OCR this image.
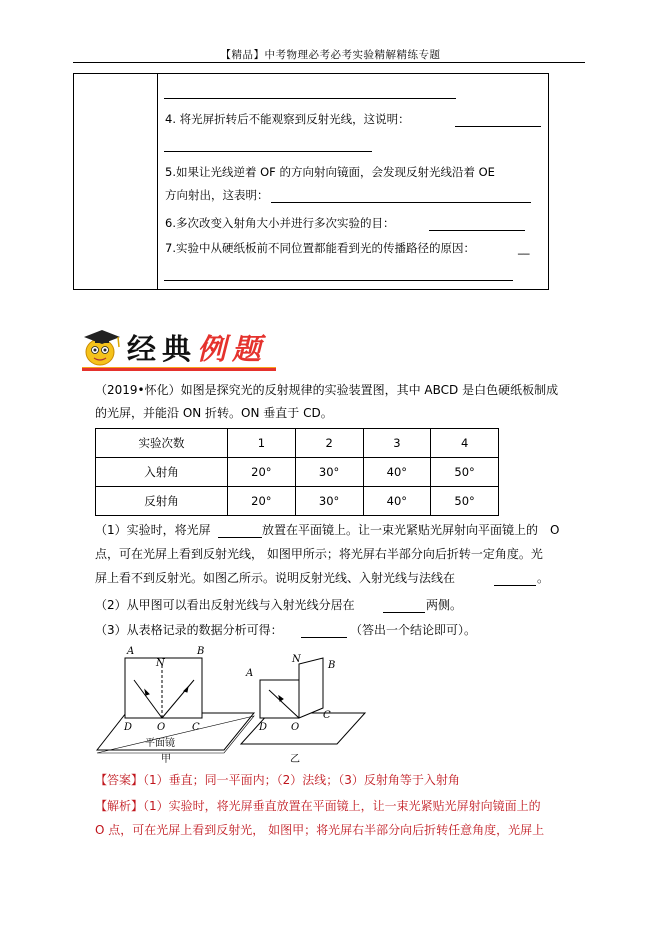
【精品】中考物理必考必考实验精解精练专题
4. 将光屏折转后不能观察到反射光线，这说明：
5.如果让光线逆着 OF 的方向射向镜面，会发现反射光线沿着 OE
方向射出，这表明：
6.多次改变入射角大小并进行多次实验的目：
7.实验中从硬纸板前不同位置都能看到光的传播路径的原因：	__
经典例题
（2019•怀化）如图是探究光的反射规律的实验装置图，其中 ABCD 是白色硬纸板制成
的光屏，并能沿 ON 折转。ON 垂直于 CD。
实验次数	1	2	3	4
入射角	20°	30°	40°	50°
反射角	20°	30°	40°	50°
（1）实验时，将光屏	放置在平面镜上。让一束光紧贴光屏射向平面镜上的　O
点，可在光屏上看到反射光线， 如图甲所示；将光屏右半部分向后折转一定角度。光
屏上看不到反射光。如图乙所示。说明反射光线、入射光线与法线在	。
（2）从甲图可以看出反射光线与入射光线分居在	两侧。
（3）从表格记录的数据分析可得：	（答出一个结论即可）。
A	B
N
D O	C
平面镜
甲
A
N
B
D O
C
乙
【答案】（1）垂直；同一平面内；（2）法线；（3）反射角等于入射角
【解析】（1）实验时，将光屏垂直放置在平面镜上，让一束光紧贴光屏射向镜面上的
O 点，可在光屏上看到反射光， 如图甲；将光屏右半部分向后折转任意角度，光屏上
